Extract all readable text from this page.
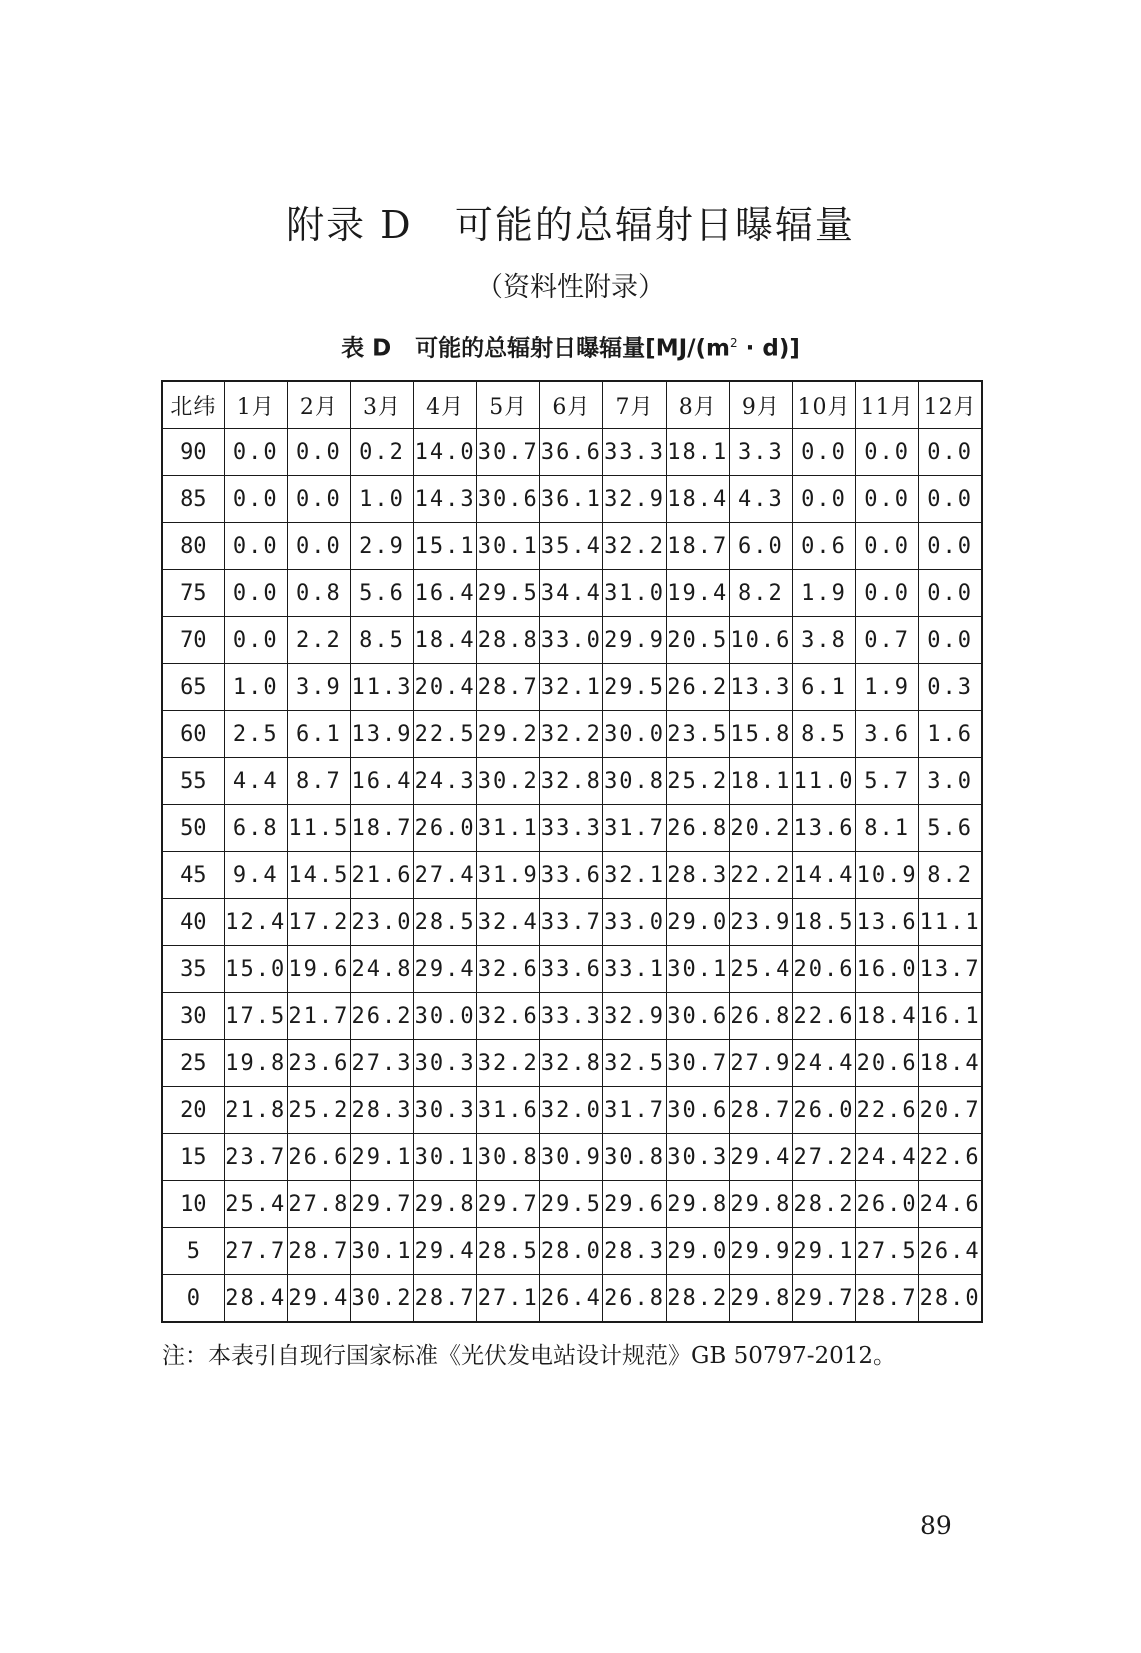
附录 D   可能的总辐射日曝辐量
（资料性附录）
表 D   可能的总辐射日曝辐量$[MJ/(m^2 \cdot d)]$
北纬	1月	2月	3月	4月	5月	6月	7月	8月	9月	10月	11月	12月
90	0.0	0.0	0.2	14.0	30.7	36.6	33.3	18.1	3.3	0.0	0.0	0.0
85	0.0	0.0	1.0	14.3	30.6	36.1	32.9	18.4	4.3	0.0	0.0	0.0
80	0.0	0.0	2.9	15.1	30.1	35.4	32.2	18.7	6.0	0.6	0.0	0.0
75	0.0	0.8	5.6	16.4	29.5	34.4	31.0	19.4	8.2	1.9	0.0	0.0
70	0.0	2.2	8.5	18.4	28.8	33.0	29.9	20.5	10.6	3.8	0.7	0.0
65	1.0	3.9	11.3	20.4	28.7	32.1	29.5	26.2	13.3	6.1	1.9	0.3
60	2.5	6.1	13.9	22.5	29.2	32.2	30.0	23.5	15.8	8.5	3.6	1.6
55	4.4	8.7	16.4	24.3	30.2	32.8	30.8	25.2	18.1	11.0	5.7	3.0
50	6.8	11.5	18.7	26.0	31.1	33.3	31.7	26.8	20.2	13.6	8.1	5.6
45	9.4	14.5	21.6	27.4	31.9	33.6	32.1	28.3	22.2	14.4	10.9	8.2
40	12.4	17.2	23.0	28.5	32.4	33.7	33.0	29.0	23.9	18.5	13.6	11.1
35	15.0	19.6	24.8	29.4	32.6	33.6	33.1	30.1	25.4	20.6	16.0	13.7
30	17.5	21.7	26.2	30.0	32.6	33.3	32.9	30.6	26.8	22.6	18.4	16.1
25	19.8	23.6	27.3	30.3	32.2	32.8	32.5	30.7	27.9	24.4	20.6	18.4
20	21.8	25.2	28.3	30.3	31.6	32.0	31.7	30.6	28.7	26.0	22.6	20.7
15	23.7	26.6	29.1	30.1	30.8	30.9	30.8	30.3	29.4	27.2	24.4	22.6
10	25.4	27.8	29.7	29.8	29.7	29.5	29.6	29.8	29.8	28.2	26.0	24.6
5	27.7	28.7	30.1	29.4	28.5	28.0	28.3	29.0	29.9	29.1	27.5	26.4
0	28.4	29.4	30.2	28.7	27.1	26.4	26.8	28.2	29.8	29.7	28.7	28.0
注：本表引自现行国家标准《光伏发电站设计规范》GB 50797-2012。
89
